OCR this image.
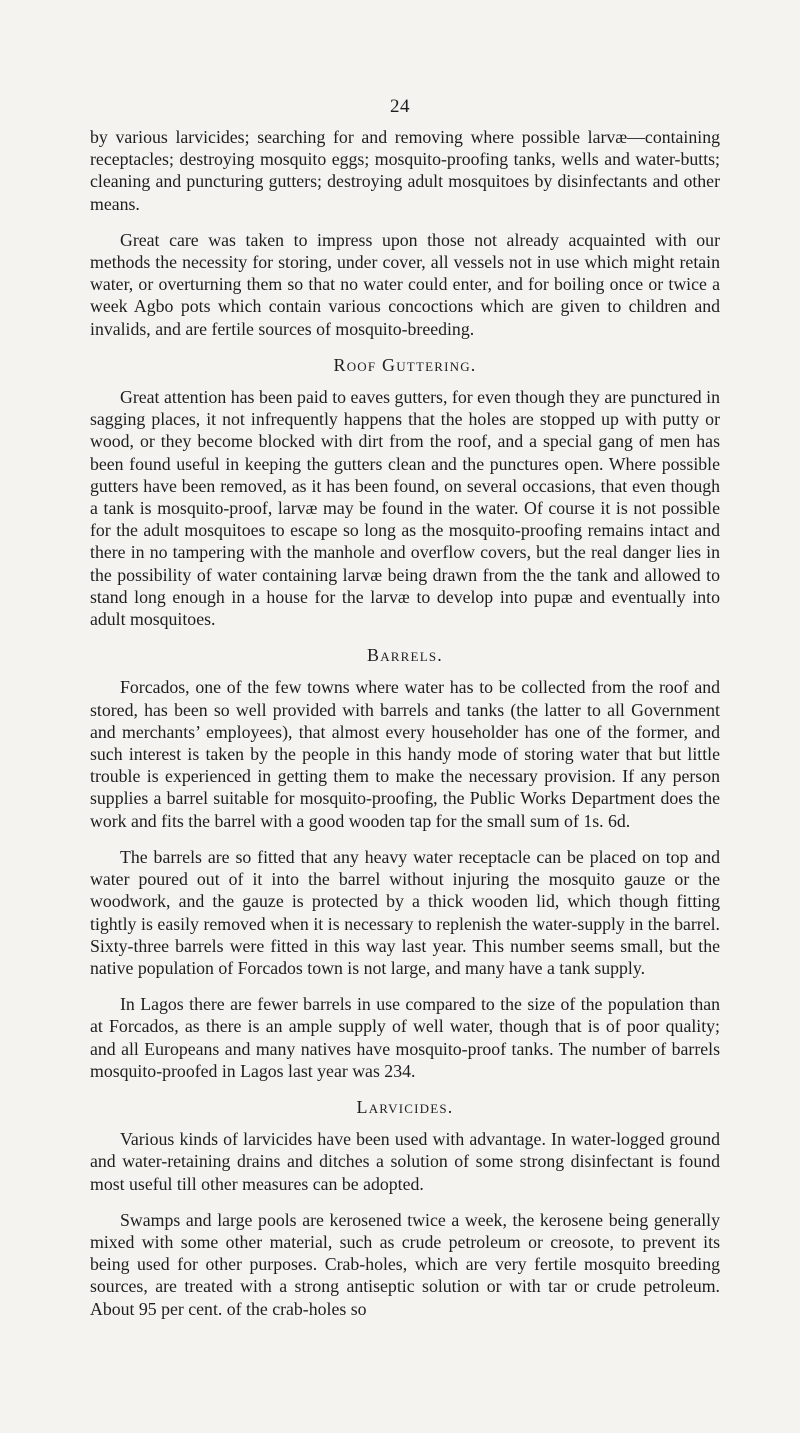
24

by various larvicides; searching for and removing where possible larvæ—containing receptacles; destroying mosquito eggs; mosquito-proofing tanks, wells and water-butts; cleaning and puncturing gutters; destroying adult mosquitoes by disinfectants and other means.

Great care was taken to impress upon those not already acquainted with our methods the necessity for storing, under cover, all vessels not in use which might retain water, or overturning them so that no water could enter, and for boiling once or twice a week Agbo pots which contain various concoctions which are given to children and invalids, and are fertile sources of mosquito-breeding.

Roof Guttering.

Great attention has been paid to eaves gutters, for even though they are punctured in sagging places, it not infrequently happens that the holes are stopped up with putty or wood, or they become blocked with dirt from the roof, and a special gang of men has been found useful in keeping the gutters clean and the punctures open. Where possible gutters have been removed, as it has been found, on several occasions, that even though a tank is mosquito-proof, larvæ may be found in the water. Of course it is not possible for the adult mosquitoes to escape so long as the mosquito-proofing remains intact and there in no tampering with the manhole and overflow covers, but the real danger lies in the possibility of water containing larvæ being drawn from the the tank and allowed to stand long enough in a house for the larvæ to develop into pupæ and eventually into adult mosquitoes.

Barrels.

Forcados, one of the few towns where water has to be collected from the roof and stored, has been so well provided with barrels and tanks (the latter to all Government and merchants’ employees), that almost every householder has one of the former, and such interest is taken by the people in this handy mode of storing water that but little trouble is experienced in getting them to make the necessary provision. If any person supplies a barrel suitable for mosquito-proofing, the Public Works Department does the work and fits the barrel with a good wooden tap for the small sum of 1s. 6d.

The barrels are so fitted that any heavy water receptacle can be placed on top and water poured out of it into the barrel without injuring the mosquito gauze or the woodwork, and the gauze is protected by a thick wooden lid, which though fitting tightly is easily removed when it is necessary to replenish the water-supply in the barrel. Sixty-three barrels were fitted in this way last year. This number seems small, but the native population of Forcados town is not large, and many have a tank supply.

In Lagos there are fewer barrels in use compared to the size of the population than at Forcados, as there is an ample supply of well water, though that is of poor quality; and all Europeans and many natives have mosquito-proof tanks. The number of barrels mosquito-proofed in Lagos last year was 234.

Larvicides.

Various kinds of larvicides have been used with advantage. In water-logged ground and water-retaining drains and ditches a solution of some strong disinfectant is found most useful till other measures can be adopted.

Swamps and large pools are kerosened twice a week, the kerosene being generally mixed with some other material, such as crude petroleum or creosote, to prevent its being used for other purposes. Crab-holes, which are very fertile mosquito breeding sources, are treated with a strong antiseptic solution or with tar or crude petroleum. About 95 per cent. of the crab-holes so
